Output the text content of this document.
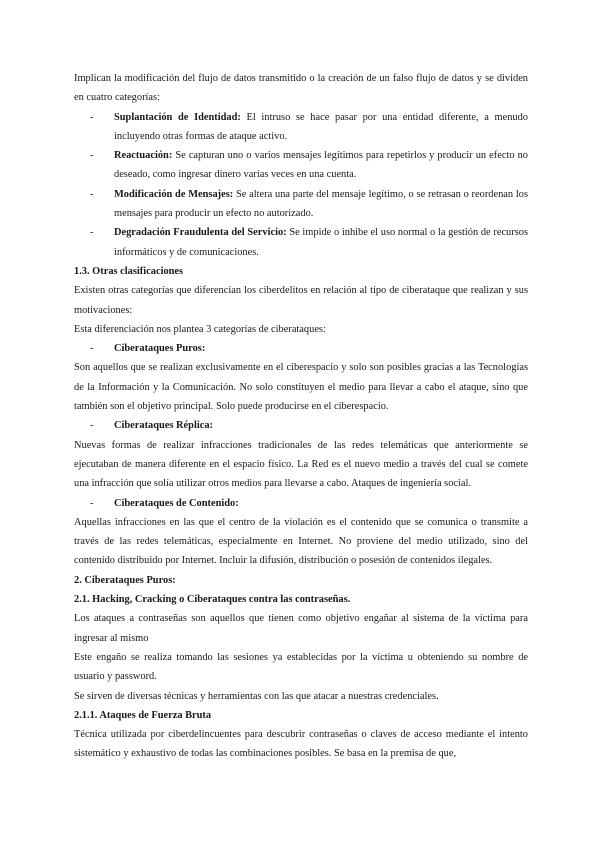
Implican la modificación del flujo de datos transmitido o la creación de un falso flujo de datos y se dividen en cuatro categorías:

-	Suplantación de Identidad: El intruso se hace pasar por una entidad diferente, a menudo incluyendo otras formas de ataque activo.
-	Reactuación: Se capturan uno o varios mensajes legítimos para repetirlos y producir un efecto no deseado, como ingresar dinero varias veces en una cuenta.
-	Modificación de Mensajes: Se altera una parte del mensaje legítimo, o se retrasan o reordenan los mensajes para producir un efecto no autorizado.
-	Degradación Fraudulenta del Servicio: Se impide o inhibe el uso normal o la gestión de recursos informáticos y de comunicaciones.

1.3. Otras clasificaciones

Existen otras categorías que diferencian los ciberdelitos en relación al tipo de ciberataque que realizan y sus motivaciones:

Esta diferenciación nos plantea 3 categorías de ciberataques:

-	Ciberataques Puros:

Son aquellos que se realizan exclusivamente en el ciberespacio y solo son posibles gracias a las Tecnologías de la Información y la Comunicación. No solo constituyen el medio para llevar a cabo el ataque, sino que también son el objetivo principal. Solo puede producirse en el ciberespacio.

-	Ciberataques Réplica:

Nuevas formas de realizar infracciones tradicionales de las redes telemáticas que anteriormente se ejecutaban de manera diferente en el espacio físico. La Red es el nuevo medio a través del cual se comete una infracción que solía utilizar otros medios para llevarse a cabo. Ataques de ingeniería social.

-	Ciberataques de Contenido:

Aquellas infracciones en las que el centro de la violación es el contenido que se comunica o transmite a través de las redes telemáticas, especialmente en Internet. No proviene del medio utilizado, sino del contenido distribuido por Internet. Incluir la difusión, distribución o posesión de contenidos ilegales.

2. Ciberataques Puros:

2.1. Hacking, Cracking o Ciberataques contra las contraseñas.

Los ataques a contraseñas son aquellos que tienen como objetivo engañar al sistema de la víctima para ingresar al mismo

Este engaño se realiza tomando las sesiones ya establecidas por la víctima u obteniendo su nombre de usuario y password.

Se sirven de diversas técnicas y herramientas con las que atacar a nuestras credenciales.

2.1.1. Ataques de Fuerza Bruta

Técnica utilizada por ciberdelincuentes para descubrir contraseñas o claves de acceso mediante el intento sistemático y exhaustivo de todas las combinaciones posibles. Se basa en la premisa de que,
